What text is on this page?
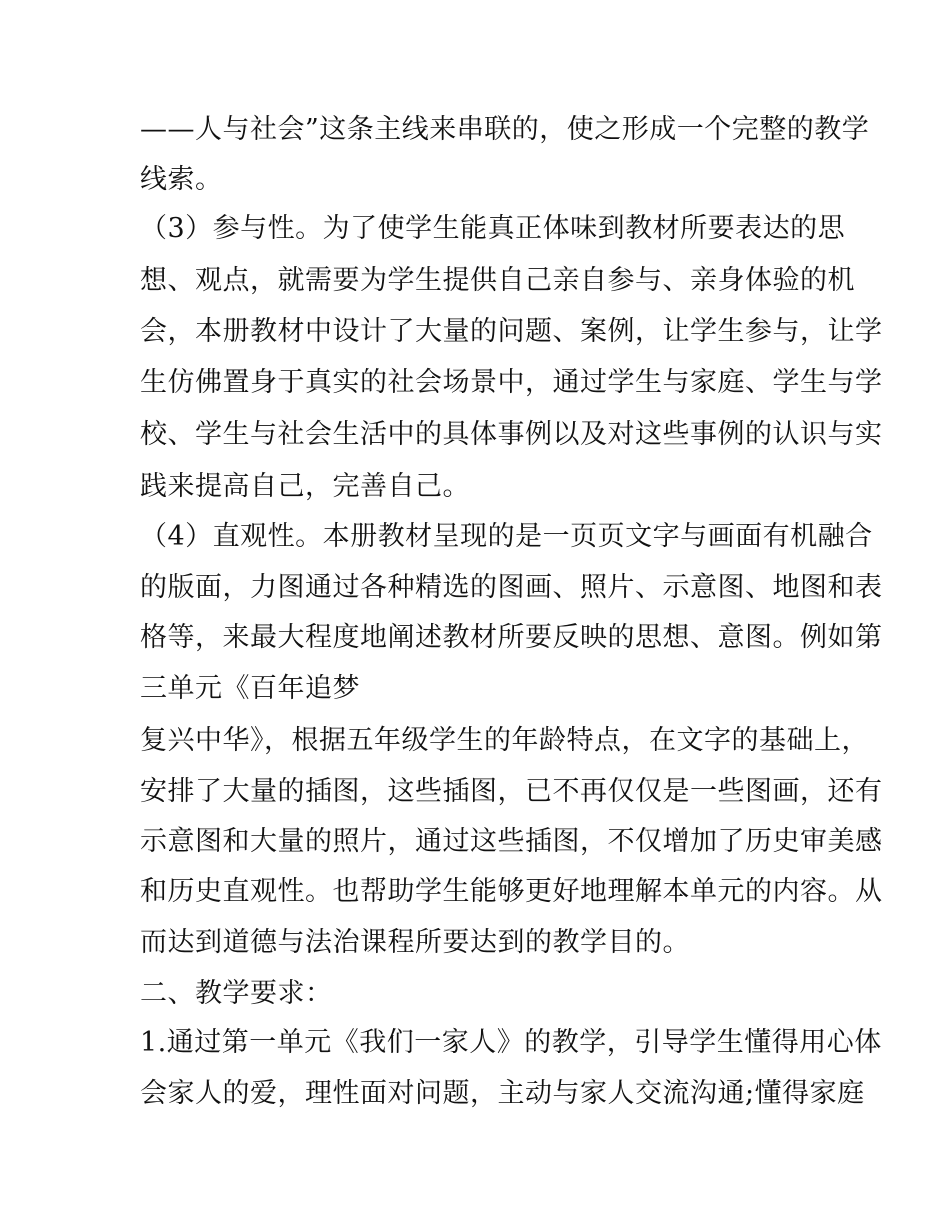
——人与社会”这条主线来串联的，使之形成一个完整的教学
线索。
（3）参与性。为了使学生能真正体味到教材所要表达的思
想、观点，就需要为学生提供自己亲自参与、亲身体验的机
会，本册教材中设计了大量的问题、案例，让学生参与，让学
生仿佛置身于真实的社会场景中，通过学生与家庭、学生与学
校、学生与社会生活中的具体事例以及对这些事例的认识与实
践来提高自己，完善自己。
（4）直观性。本册教材呈现的是一页页文字与画面有机融合
的版面，力图通过各种精选的图画、照片、示意图、地图和表
格等，来最大程度地阐述教材所要反映的思想、意图。例如第
三单元《百年追梦
复兴中华》，根据五年级学生的年龄特点，在文字的基础上，
安排了大量的插图，这些插图，已不再仅仅是一些图画，还有
示意图和大量的照片，通过这些插图，不仅增加了历史审美感
和历史直观性。也帮助学生能够更好地理解本单元的内容。从
而达到道德与法治课程所要达到的教学目的。
二、教学要求：
1.通过第一单元《我们一家人》的教学，引导学生懂得用心体
会家人的爱，理性面对问题，主动与家人交流沟通;懂得家庭
